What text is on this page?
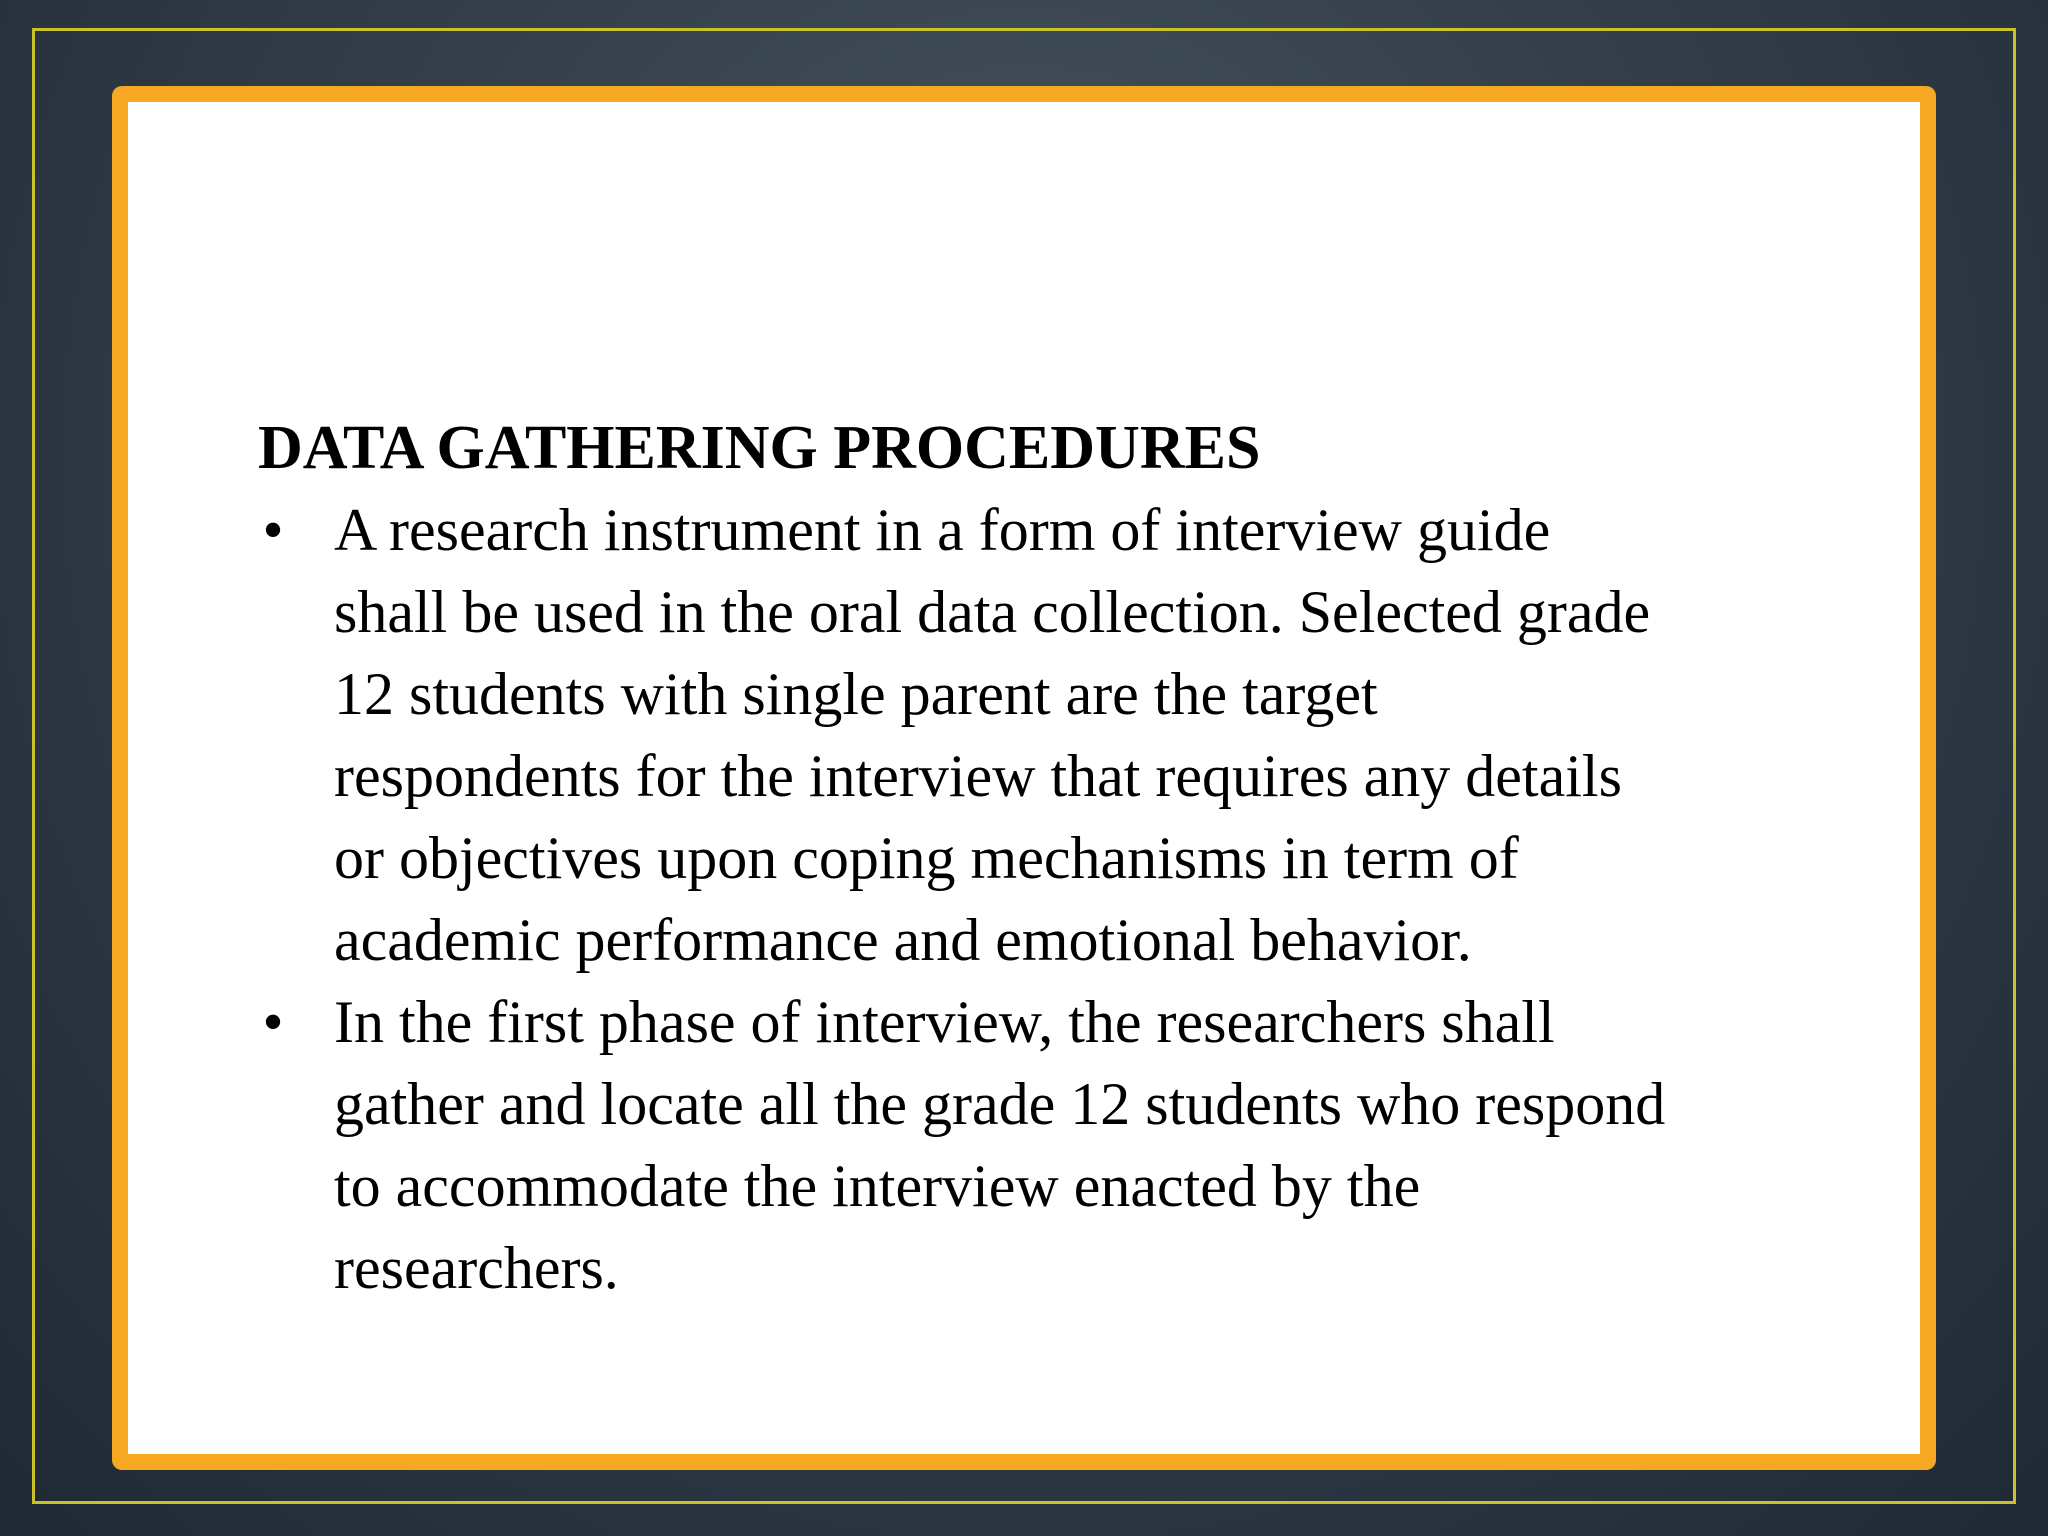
DATA GATHERING PROCEDURES
• A research instrument in a form of interview guide
shall be used in the oral data collection. Selected grade
12 students with single parent are the target
respondents for the interview that requires any details
or objectives upon coping mechanisms in term of
academic performance and emotional behavior.
• In the first phase of interview, the researchers shall
gather and locate all the grade 12 students who respond
to accommodate the interview enacted by the
researchers.
